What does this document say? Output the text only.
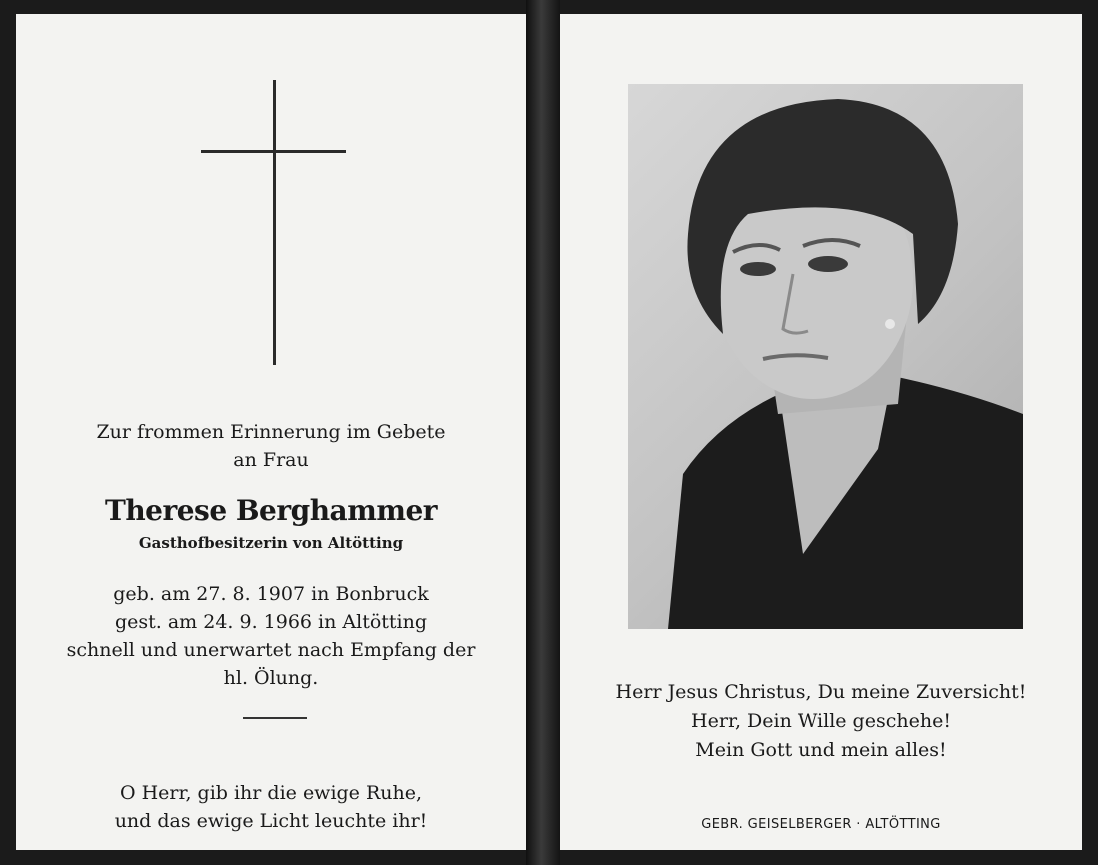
Zur frommen Erinnerung im Gebete
an Frau
Therese Berghammer
Gasthofbesitzerin von Altötting
geb. am 27. 8. 1907 in Bonbruck
gest. am 24. 9. 1966 in Altötting
schnell und unerwartet nach Empfang der
hl. Ölung.
O Herr, gib ihr die ewige Ruhe,
und das ewige Licht leuchte ihr!
Herr Jesus Christus, Du meine Zuversicht!
Herr, Dein Wille geschehe!
Mein Gott und mein alles!
GEBR. GEISELBERGER · ALTÖTTING
